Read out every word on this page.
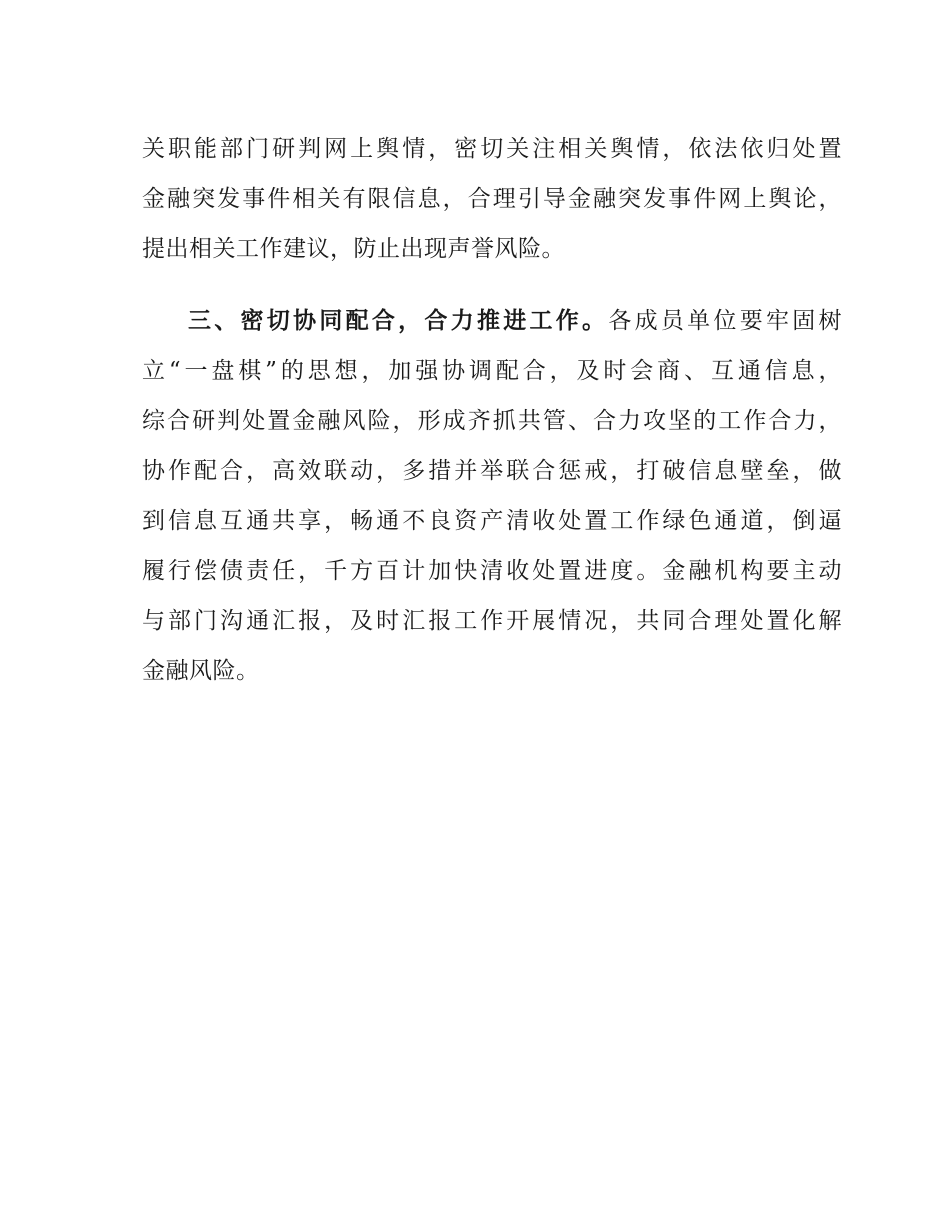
关职能部门研判网上舆情，密切关注相关舆情，依法依归处置
金融突发事件相关有限信息，合理引导金融突发事件网上舆论，
提出相关工作建议，防止出现声誉风险。
三、密切协同配合，合力推进工作。各成员单位要牢固树
立“一盘棋”的思想，加强协调配合，及时会商、互通信息，
综合研判处置金融风险，形成齐抓共管、合力攻坚的工作合力，
协作配合，高效联动，多措并举联合惩戒，打破信息壁垒，做
到信息互通共享，畅通不良资产清收处置工作绿色通道，倒逼
履行偿债责任，千方百计加快清收处置进度。金融机构要主动
与部门沟通汇报，及时汇报工作开展情况，共同合理处置化解
金融风险。
